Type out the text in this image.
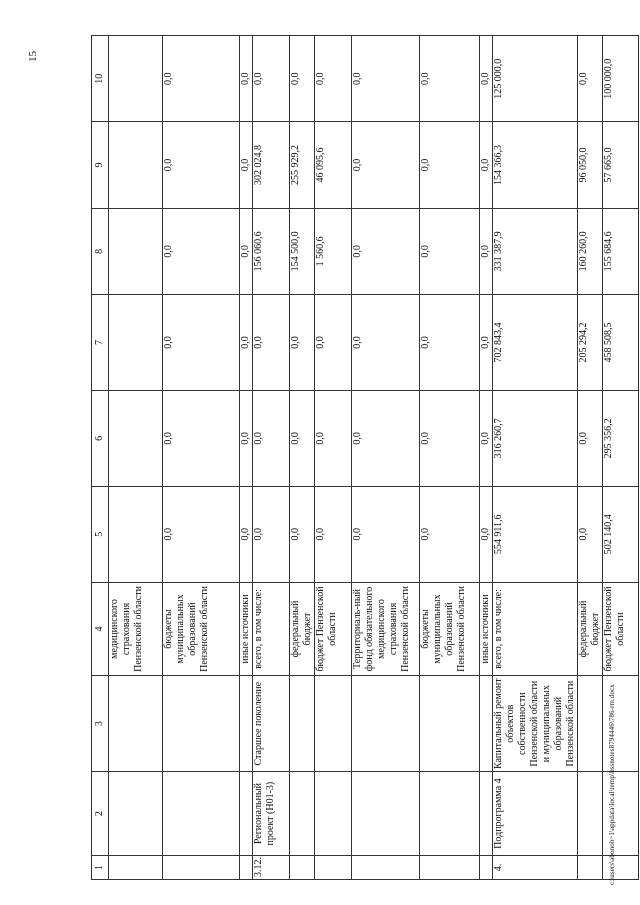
15
1	2	3	4	5	6	7	8	9	10
			медицинского страхования Пензенской области						
			бюджеты муниципальных образований Пензенской области	0,0	0,0	0,0	0,0	0,0	0,0
			иные источники	0,0	0,0	0,0	0,0	0,0	0,0
3.12.	Региональный проект (Н01-3)	Старшее поколение	всего, в том числе:	0,0	0,0	0,0	156 060,6	302 024,8	0,0
			федеральный бюджет	0,0	0,0	0,0	154 500,0	255 929,2	0,0
			бюджет Пензенской области	0,0	0,0	0,0	1 560,6	46 095,6	0,0
			Территориаль-ный фонд обязательного медицинского страхования Пензенской области	0,0	0,0	0,0	0,0	0,0	0,0
			бюджеты муниципальных образований Пензенской области	0,0	0,0	0,0	0,0	0,0	0,0
			иные источники	0,0	0,0	0,0	0,0	0,0	0,0
4.	Подпрограмма 4	Капитальный ремонт объектов собственности Пензенской области и муниципальных образований Пензенской области	всего, в том числе:	554 911,6	316 260,7	702 843,4	331 387,9	154 366,3	125 000,0
			федеральный бюджет	0,0	0,0	205 294,2	160 260,0	96 050,0	0,0
			бюджет Пензенской области	502 140,4	295 356,2	458 508,5	155 684,6	57 665,0	100 000,0
c:\users\abonob~1\appdata\local\temp\bssnotes8794446\786-rm.docx
